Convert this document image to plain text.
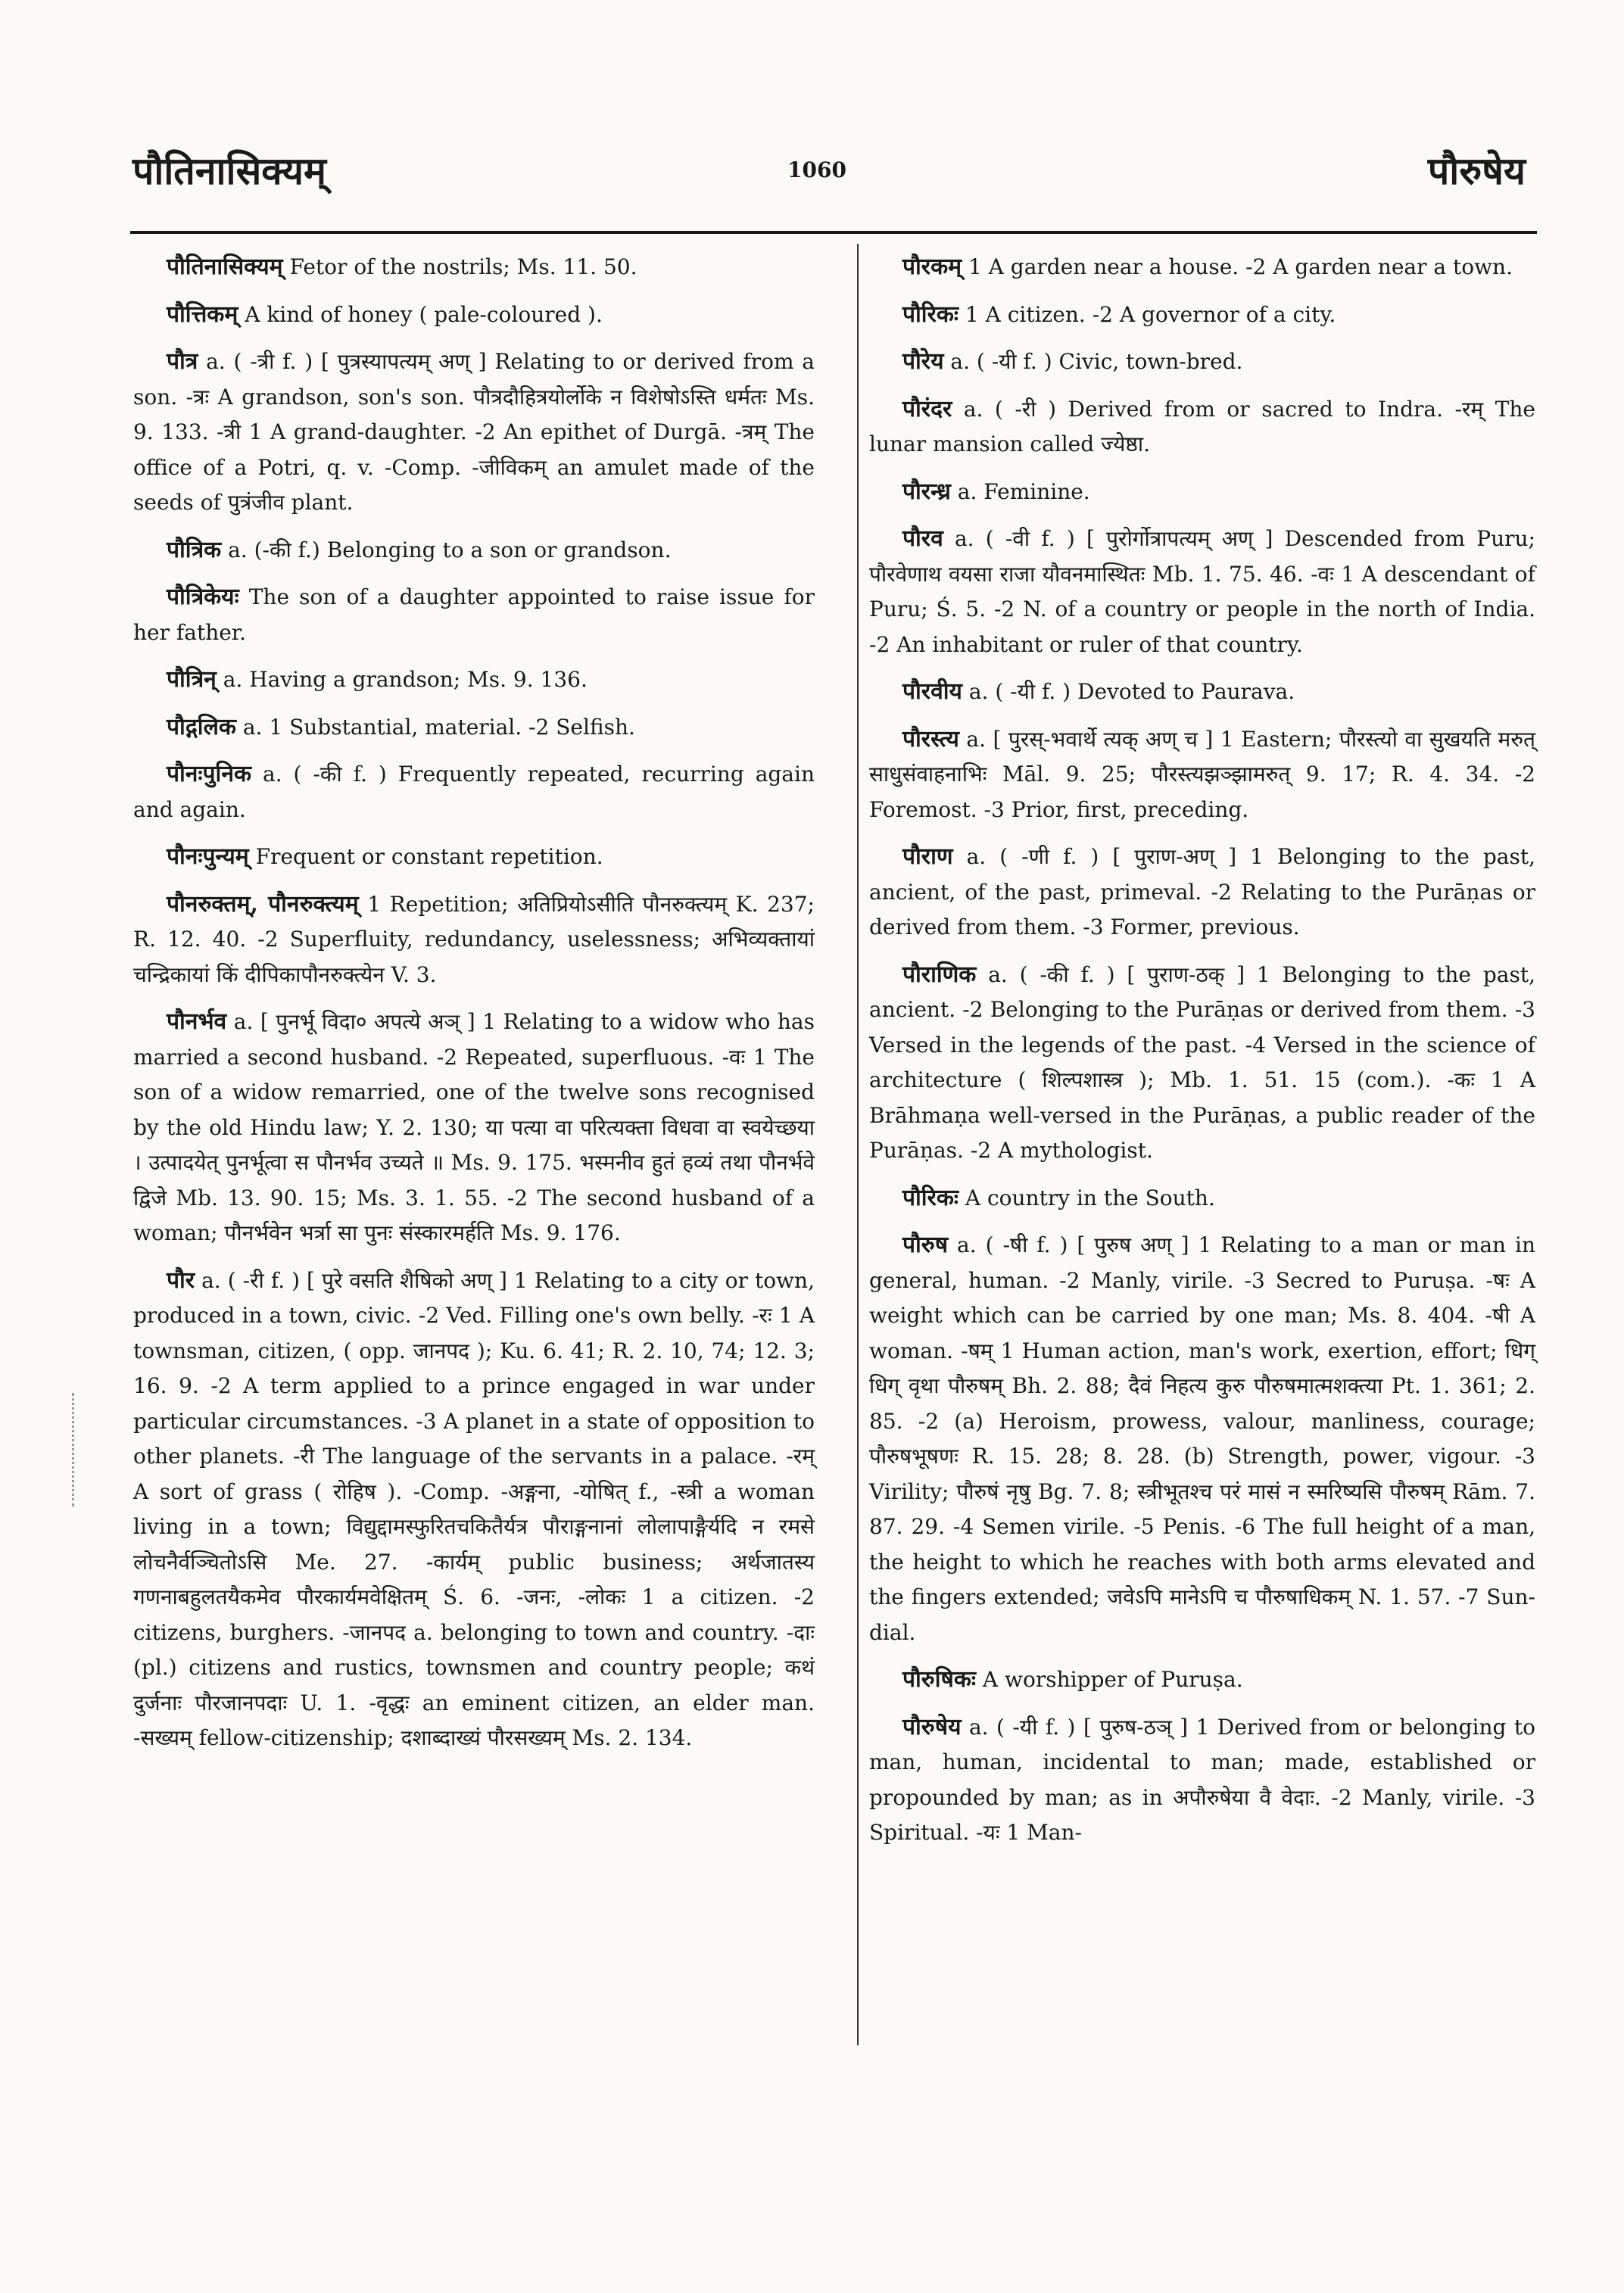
पौतिनासिक्यम्	1060	पौरुषेय

पौतिनासिक्यम् Fetor of the nostrils; Ms. 11. 50.

पौत्तिकम् A kind of honey ( pale-coloured ).

पौत्र a. ( -त्री f. ) [ पुत्रस्यापत्यम् अण् ] Relating to or derived from a son. -त्रः A grandson, son's son. पौत्रदौहित्रयोर्लोके न विशेषोऽस्ति धर्मतः Ms. 9. 133. -त्री 1 A grand-daughter. -2 An epithet of Durgā. -त्रम् The office of a Potri, q. v. -Comp. -जीविकम् an amulet made of the seeds of पुत्रंजीव plant.

पौत्रिक a. (-की f.) Belonging to a son or grandson.

पौत्रिकेयः The son of a daughter appointed to raise issue for her father.

पौत्रिन् a. Having a grandson; Ms. 9. 136.

पौद्गलिक a. 1 Substantial, material. -2 Selfish.

पौनःपुनिक a. ( -की f. ) Frequently repeated, recurring again and again.

पौनःपुन्यम् Frequent or constant repetition.

पौनरुक्तम्, पौनरुक्त्यम् 1 Repetition; अतिप्रियोऽसीति पौनरुक्त्यम् K. 237; R. 12. 40. -2 Superfluity, redundancy, uselessness; अभिव्यक्तायां चन्द्रिकायां किं दीपिकापौनरुक्त्येन V. 3.

पौनर्भव a. [ पुनर्भू विदा० अपत्ये अञ् ] 1 Relating to a widow who has married a second husband. -2 Repeated, superfluous. -वः 1 The son of a widow remarried, one of the twelve sons recognised by the old Hindu law; Y. 2. 130; या पत्या वा परित्यक्ता विधवा वा स्वयेच्छया । उत्पादयेत् पुनर्भूत्वा स पौनर्भव उच्यते ॥ Ms. 9. 175. भस्मनीव हुतं हव्यं तथा पौनर्भवे द्विजे Mb. 13. 90. 15; Ms. 3. 1. 55. -2 The second husband of a woman; पौनर्भवेन भर्त्रा सा पुनः संस्कारमर्हति Ms. 9. 176.

पौर a. ( -री f. ) [ पुरे वसति शैषिको अण् ] 1 Relating to a city or town, produced in a town, civic. -2 Ved. Filling one's own belly. -रः 1 A townsman, citizen, ( opp. जानपद ); Ku. 6. 41; R. 2. 10, 74; 12. 3; 16. 9. -2 A term applied to a prince engaged in war under particular circumstances. -3 A planet in a state of opposition to other planets. -री The language of the servants in a palace. -रम् A sort of grass ( रोहिष ). -Comp. -अङ्गना, -योषित् f., -स्त्री a woman living in a town; विद्युद्दामस्फुरितचकितैर्यत्र पौराङ्गनानां लोलापाङ्गैर्यदि न रमसे लोचनैर्वञ्चितोऽसि Me. 27. -कार्यम् public business; अर्थजातस्य गणनाबहुलतयैकमेव पौरकार्यमवेक्षितम् Ś. 6. -जनः, -लोकः 1 a citizen. -2 citizens, burghers. -जानपद a. belonging to town and country. -दाः (pl.) citizens and rustics, townsmen and country people; कथं दुर्जनाः पौरजानपदाः U. 1. -वृद्धः an eminent citizen, an elder man. -सख्यम् fellow-citizenship; दशाब्दाख्यं पौरसख्यम् Ms. 2. 134.

पौरकम् 1 A garden near a house. -2 A garden near a town.

पौरिकः 1 A citizen. -2 A governor of a city.

पौरेय a. ( -यी f. ) Civic, town-bred.

पौरंदर a. ( -री ) Derived from or sacred to Indra. -रम् The lunar mansion called ज्येष्ठा.

पौरन्ध्र a. Feminine.

पौरव a. ( -वी f. ) [ पुरोर्गोत्रापत्यम् अण् ] Descended from Puru; पौरवेणाथ वयसा राजा यौवनमास्थितः Mb. 1. 75. 46. -वः 1 A descendant of Puru; Ś. 5. -2 N. of a country or people in the north of India. -2 An inhabitant or ruler of that country.

पौरवीय a. ( -यी f. ) Devoted to Paurava.

पौरस्त्य a. [ पुरस्-भवार्थे त्यक् अण् च ] 1 Eastern; पौरस्त्यो वा सुखयति मरुत् साधुसंवाहनाभिः Māl. 9. 25; पौरस्त्यझञ्झामरुत् 9. 17; R. 4. 34. -2 Foremost. -3 Prior, first, preceding.

पौराण a. ( -णी f. ) [ पुराण-अण् ] 1 Belonging to the past, ancient, of the past, primeval. -2 Relating to the Purāṇas or derived from them. -3 Former, previous.

पौराणिक a. ( -की f. ) [ पुराण-ठक् ] 1 Belonging to the past, ancient. -2 Belonging to the Purāṇas or derived from them. -3 Versed in the legends of the past. -4 Versed in the science of architecture ( शिल्पशास्त्र ); Mb. 1. 51. 15 (com.). -कः 1 A Brāhmaṇa well-versed in the Purāṇas, a public reader of the Purāṇas. -2 A mythologist.

पौरिकः A country in the South.

पौरुष a. ( -षी f. ) [ पुरुष अण् ] 1 Relating to a man or man in general, human. -2 Manly, virile. -3 Secred to Puruṣa. -षः A weight which can be carried by one man; Ms. 8. 404. -षी A woman. -षम् 1 Human action, man's work, exertion, effort; धिग् धिग् वृथा पौरुषम् Bh. 2. 88; दैवं निहत्य कुरु पौरुषमात्मशक्त्या Pt. 1. 361; 2. 85. -2 (a) Heroism, prowess, valour, manliness, courage; पौरुषभूषणः R. 15. 28; 8. 28. (b) Strength, power, vigour. -3 Virility; पौरुषं नृषु Bg. 7. 8; स्त्रीभूतश्च परं मासं न स्मरिष्यसि पौरुषम् Rām. 7. 87. 29. -4 Semen virile. -5 Penis. -6 The full height of a man, the height to which he reaches with both arms elevated and the fingers extended; जवेऽपि मानेऽपि च पौरुषाधिकम् N. 1. 57. -7 Sun-dial.

पौरुषिकः A worshipper of Puruṣa.

पौरुषेय a. ( -यी f. ) [ पुरुष-ठञ् ] 1 Derived from or belonging to man, human, incidental to man; made, established or propounded by man; as in अपौरुषेया वै वेदाः. -2 Manly, virile. -3 Spiritual. -यः 1 Man-
